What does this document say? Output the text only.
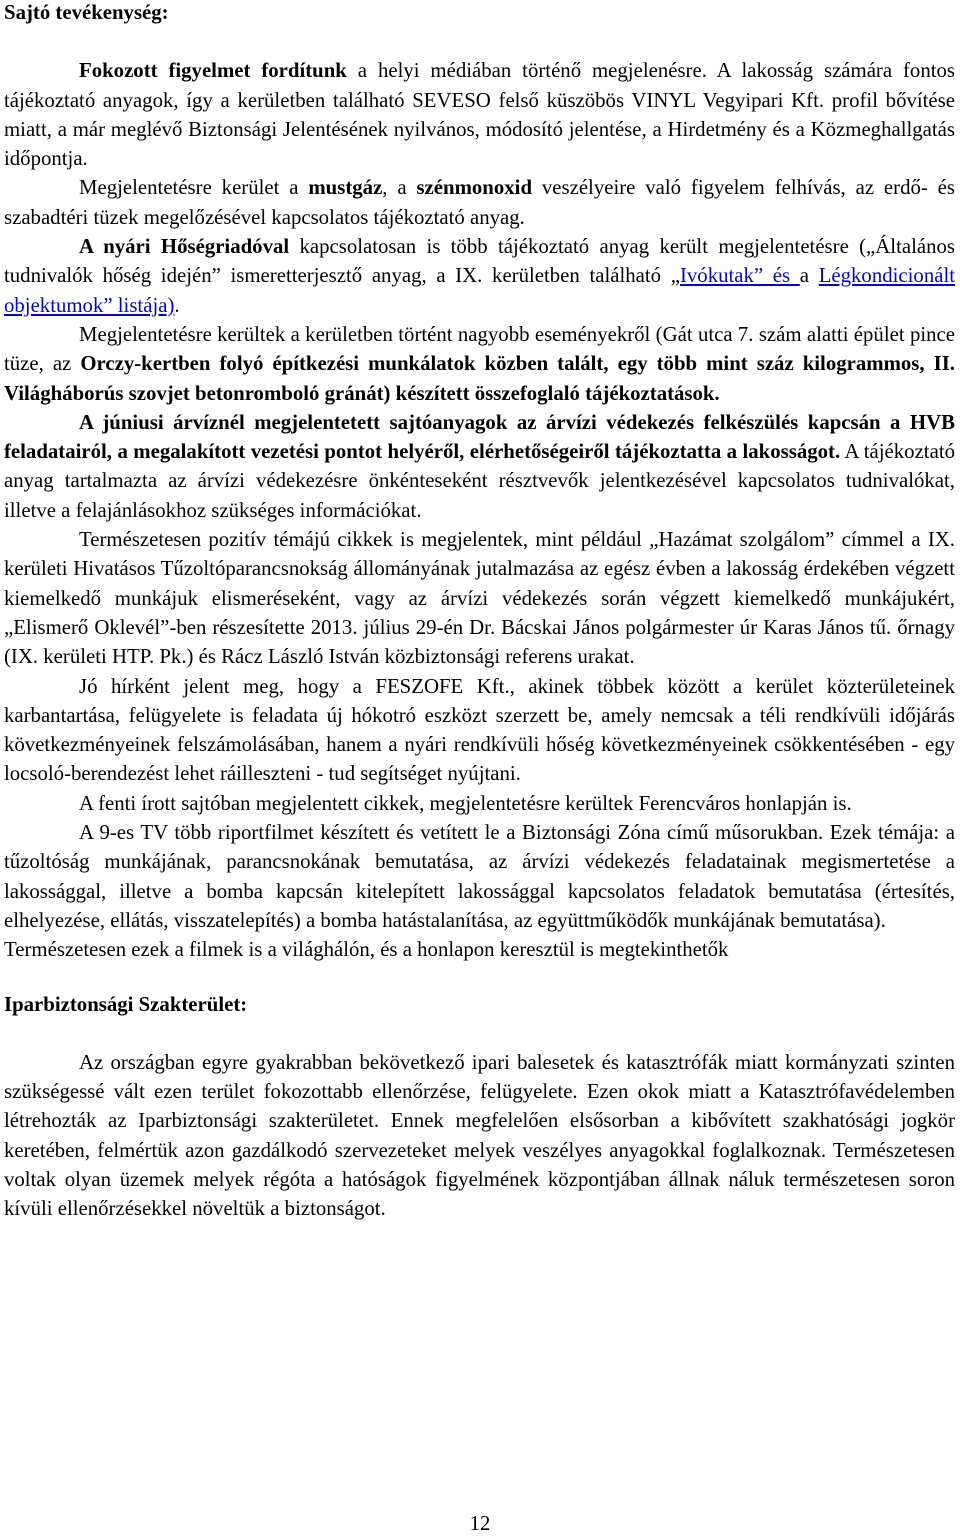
Sajtó tevékenység:

Fokozott figyelmet fordítunk a helyi médiában történő megjelenésre. A lakosság számára fontos tájékoztató anyagok, így a kerületben található SEVESO felső küszöbös VINYL Vegyipari Kft. profil bővítése miatt, a már meglévő Biztonsági Jelentésének nyilvános, módosító jelentése, a Hirdetmény és a Közmeghallgatás időpontja.

Megjelentetésre kerület a mustgáz, a szénmonoxid veszélyeire való figyelem felhívás, az erdő- és szabadtéri tüzek megelőzésével kapcsolatos tájékoztató anyag.

A nyári Hőségriadóval kapcsolatosan is több tájékoztató anyag került megjelentetésre („Általános tudnivalók hőség idején” ismeretterjesztő anyag, a IX. kerületben található „Ivókutak” és a Légkondicionált objektumok” listája).

Megjelentetésre kerültek a kerületben történt nagyobb eseményekről (Gát utca 7. szám alatti épület pince tüze, az Orczy-kertben folyó építkezési munkálatok közben talált, egy több mint száz kilogrammos, II. Világháborús szovjet betonromboló gránát) készített összefoglaló tájékoztatások.

A júniusi árvíznél megjelentetett sajtóanyagok az árvízi védekezés felkészülés kapcsán a HVB feladatairól, a megalakított vezetési pontot helyéről, elérhetőségeiről tájékoztatta a lakosságot. A tájékoztató anyag tartalmazta az árvízi védekezésre önkénteseként résztvevők jelentkezésével kapcsolatos tudnivalókat, illetve a felajánlásokhoz szükséges információkat.

Természetesen pozitív témájú cikkek is megjelentek, mint például „Hazámat szolgálom” címmel a IX. kerületi Hivatásos Tűzoltóparancsnokság állományának jutalmazása az egész évben a lakosság érdekében végzett kiemelkedő munkájuk elismeréseként, vagy az árvízi védekezés során végzett kiemelkedő munkájukért, „Elismerő Oklevél”-ben részesítette 2013. július 29-én Dr. Bácskai János polgármester úr Karas János tű. őrnagy (IX. kerületi HTP. Pk.) és Rácz László István közbiztonsági referens urakat.

Jó hírként jelent meg, hogy a FESZOFE Kft., akinek többek között a kerület közterületeinek karbantartása, felügyelete is feladata új hókotró eszközt szerzett be, amely nemcsak a téli rendkívüli időjárás következményeinek felszámolásában, hanem a nyári rendkívüli hőség következményeinek csökkentésében - egy locsoló-berendezést lehet ráilleszteni - tud segítséget nyújtani.

A fenti írott sajtóban megjelentett cikkek, megjelentetésre kerültek Ferencváros honlapján is.

A 9-es TV több riportfilmet készített és vetített le a Biztonsági Zóna című műsorukban. Ezek témája: a tűzoltóság munkájának, parancsnokának bemutatása, az árvízi védekezés feladatainak megismertetése a lakossággal, illetve a bomba kapcsán kitelepített lakossággal kapcsolatos feladatok bemutatása (értesítés, elhelyezése, ellátás, visszatelepítés) a bomba hatástalanítása, az együttműködők munkájának bemutatása).

Természetesen ezek a filmek is a világhálón, és a honlapon keresztül is megtekinthetők

Iparbiztonsági Szakterület:

Az országban egyre gyakrabban bekövetkező ipari balesetek és katasztrófák miatt kormányzati szinten szükségessé vált ezen terület fokozottabb ellenőrzése, felügyelete. Ezen okok miatt a Katasztrófavédelemben létrehozták az Iparbiztonsági szakterületet. Ennek megfelelően elsősorban a kibővített szakhatósági jogkör keretében, felmértük azon gazdálkodó szervezeteket melyek veszélyes anyagokkal foglalkoznak. Természetesen voltak olyan üzemek melyek régóta a hatóságok figyelmének központjában állnak náluk természetesen soron kívüli ellenőrzésekkel növeltük a biztonságot.

12
